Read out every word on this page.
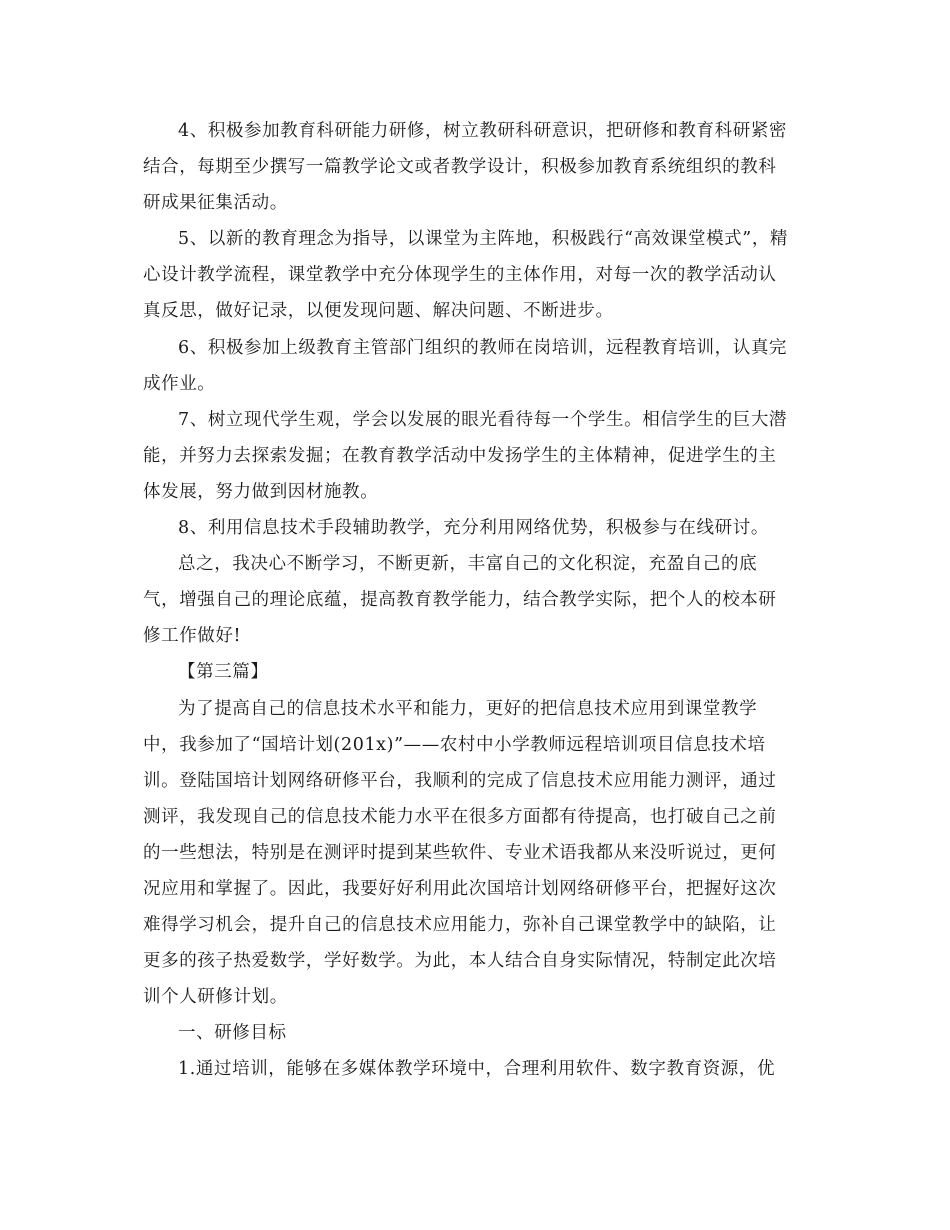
4、积极参加教育科研能力研修，树立教研科研意识，把研修和教育科研紧密
结合，每期至少撰写一篇教学论文或者教学设计，积极参加教育系统组织的教科
研成果征集活动。
5、以新的教育理念为指导，以课堂为主阵地，积极践行“高效课堂模式”，精
心设计教学流程，课堂教学中充分体现学生的主体作用，对每一次的教学活动认
真反思，做好记录，以便发现问题、解决问题、不断进步。
6、积极参加上级教育主管部门组织的教师在岗培训，远程教育培训，认真完
成作业。
7、树立现代学生观，学会以发展的眼光看待每一个学生。相信学生的巨大潜
能，并努力去探索发掘；在教育教学活动中发扬学生的主体精神，促进学生的主
体发展，努力做到因材施教。
8、利用信息技术手段辅助教学，充分利用网络优势，积极参与在线研讨。
总之，我决心不断学习，不断更新，丰富自己的文化积淀，充盈自己的底
气，增强自己的理论底蕴，提高教育教学能力，结合教学实际，把个人的校本研
修工作做好!
【第三篇】
为了提高自己的信息技术水平和能力，更好的把信息技术应用到课堂教学
中，我参加了“国培计划(201x)”——农村中小学教师远程培训项目信息技术培
训。登陆国培计划网络研修平台，我顺利的完成了信息技术应用能力测评，通过
测评，我发现自己的信息技术能力水平在很多方面都有待提高，也打破自己之前
的一些想法，特别是在测评时提到某些软件、专业术语我都从来没听说过，更何
况应用和掌握了。因此，我要好好利用此次国培计划网络研修平台，把握好这次
难得学习机会，提升自己的信息技术应用能力，弥补自己课堂教学中的缺陷，让
更多的孩子热爱数学，学好数学。为此，本人结合自身实际情况，特制定此次培
训个人研修计划。
一、研修目标
1.通过培训，能够在多媒体教学环境中，合理利用软件、数字教育资源，优
